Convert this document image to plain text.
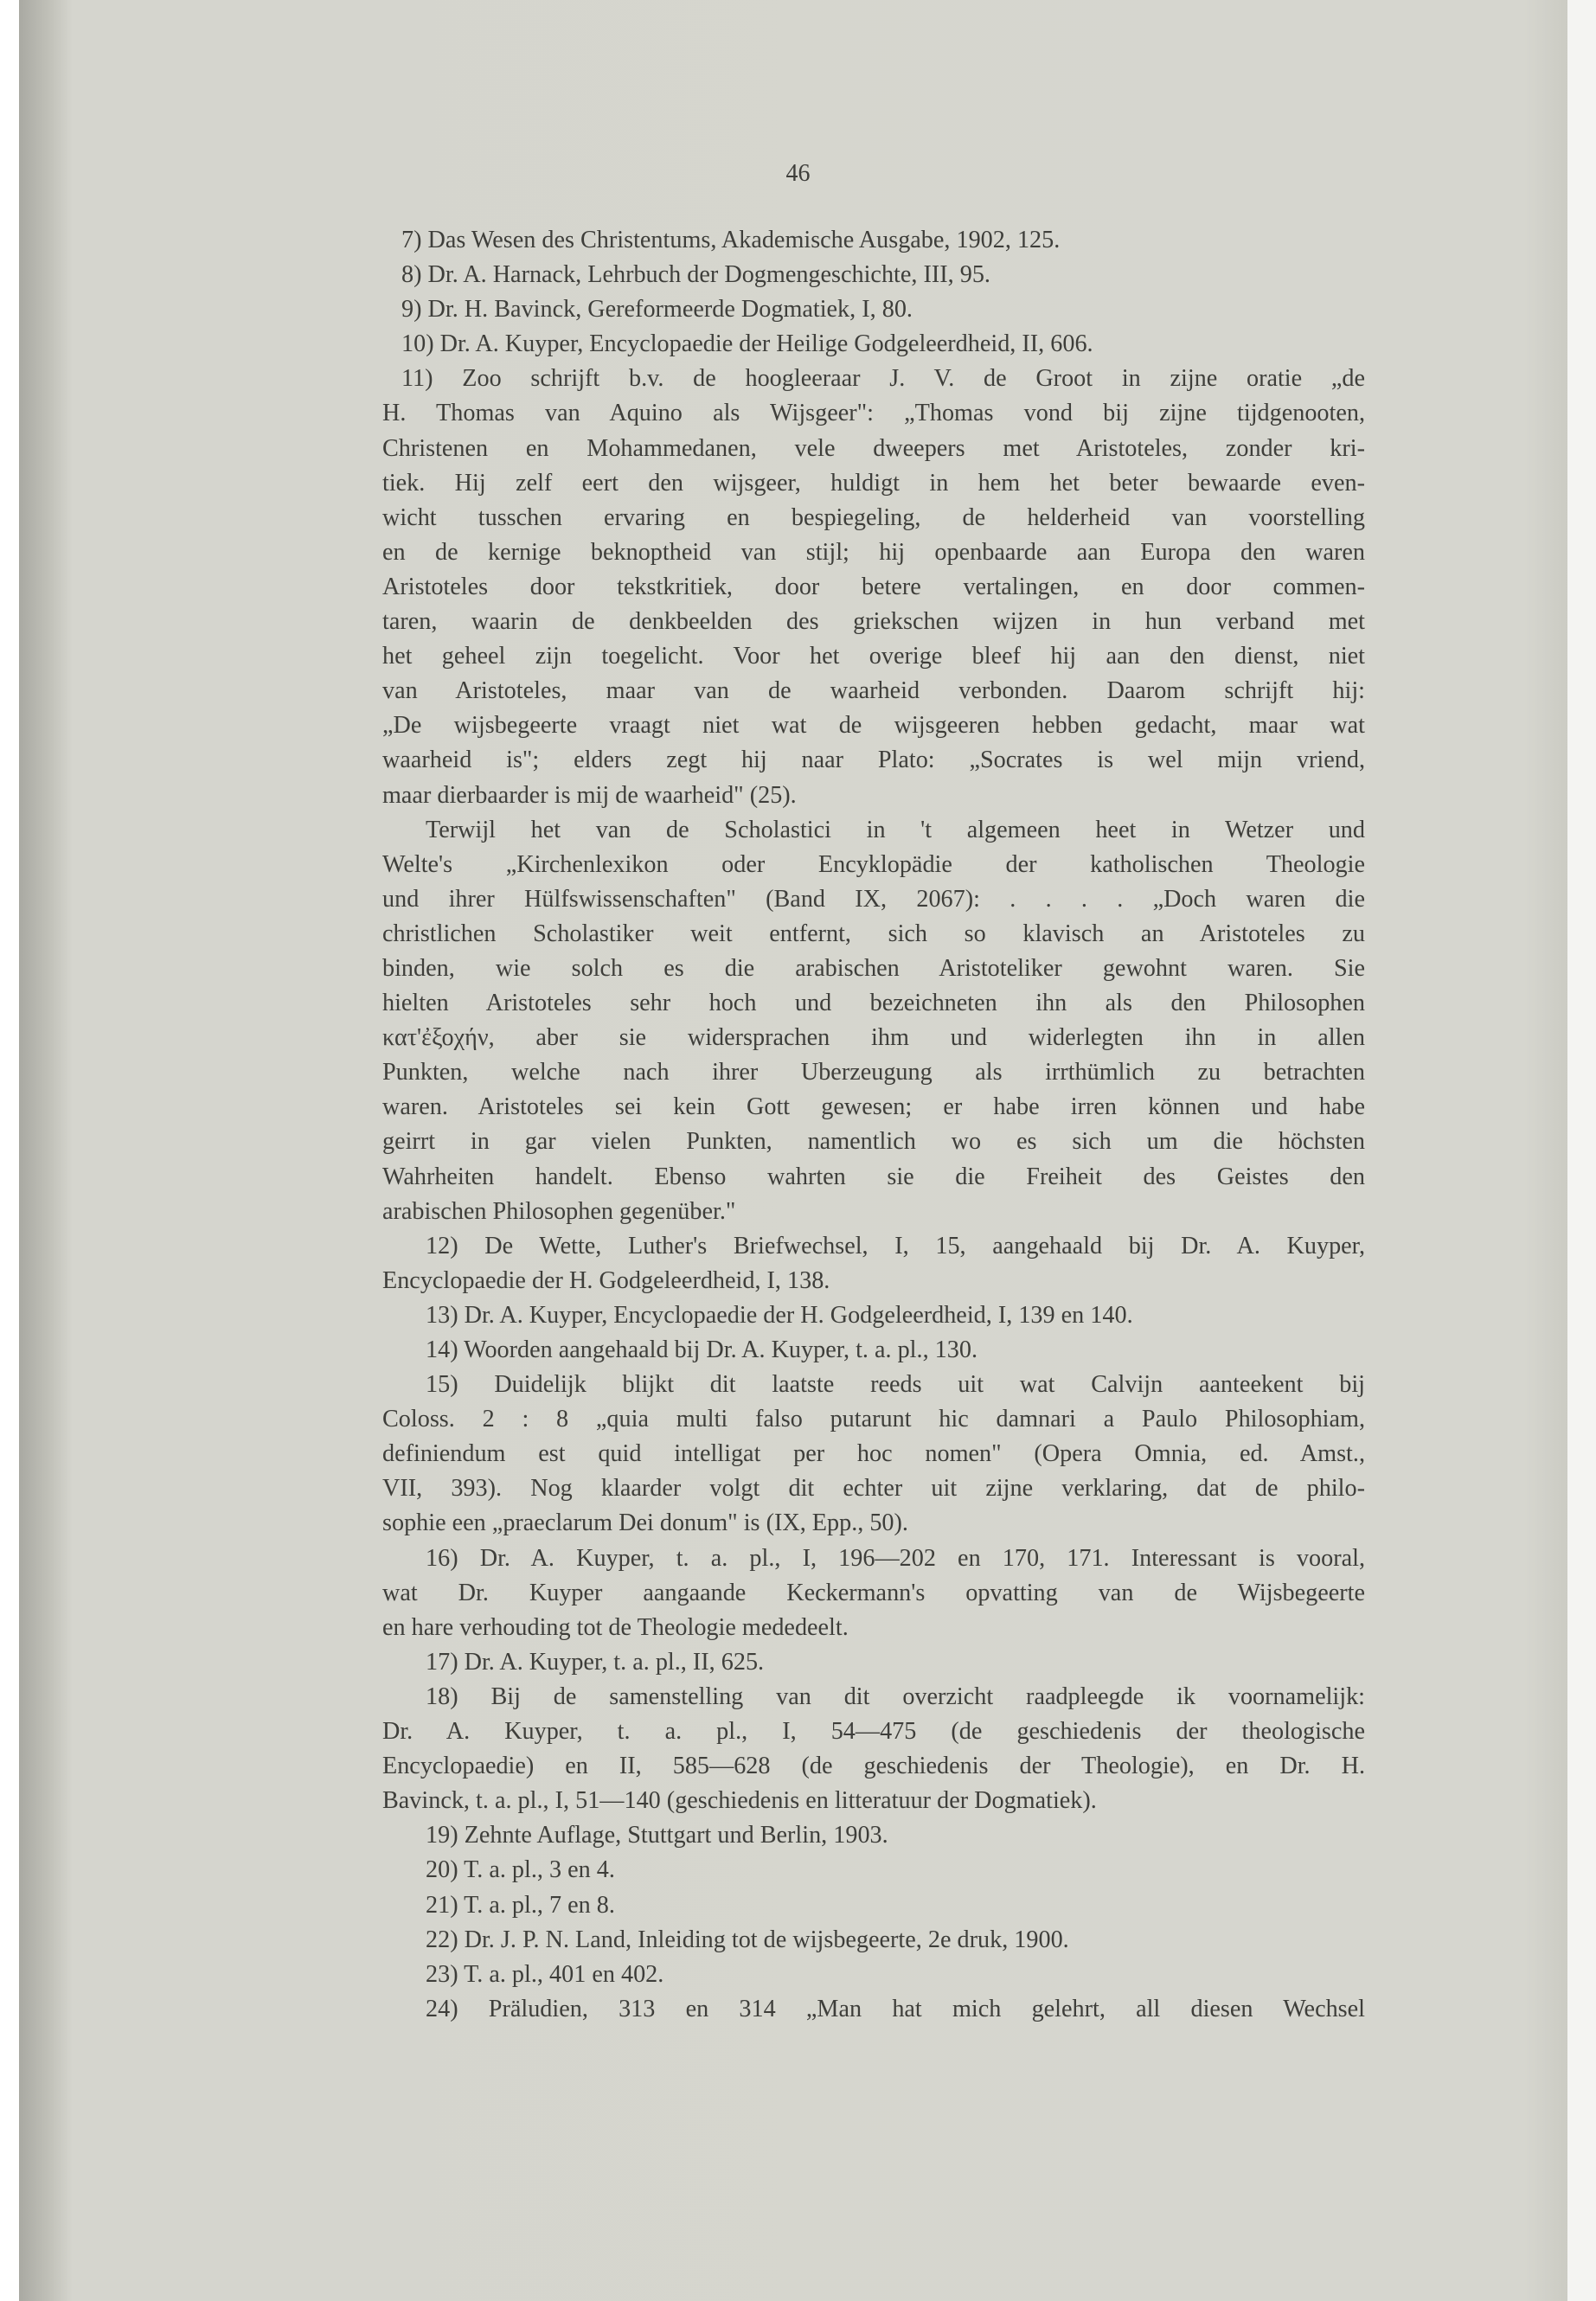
46
7) Das Wesen des Christentums, Akademische Ausgabe, 1902, 125.
8) Dr. A. Harnack, Lehrbuch der Dogmengeschichte, III, 95.
9) Dr. H. Bavinck, Gereformeerde Dogmatiek, I, 80.
10) Dr. A. Kuyper, Encyclopaedie der Heilige Godgeleerdheid, II, 606.
11) Zoo schrijft b.v. de hoogleeraar J. V. de Groot in zijne oratie „de
H. Thomas van Aquino als Wijsgeer": „Thomas vond bij zijne tijdgenooten,
Christenen en Mohammedanen, vele dweepers met Aristoteles, zonder kri-
tiek. Hij zelf eert den wijsgeer, huldigt in hem het beter bewaarde even-
wicht tusschen ervaring en bespiegeling, de helderheid van voorstelling
en de kernige beknoptheid van stijl; hij openbaarde aan Europa den waren
Aristoteles door tekstkritiek, door betere vertalingen, en door commen-
taren, waarin de denkbeelden des griekschen wijzen in hun verband met
het geheel zijn toegelicht. Voor het overige bleef hij aan den dienst, niet
van Aristoteles, maar van de waarheid verbonden. Daarom schrijft hij:
„De wijsbegeerte vraagt niet wat de wijsgeeren hebben gedacht, maar wat
waarheid is"; elders zegt hij naar Plato: „Socrates is wel mijn vriend,
maar dierbaarder is mij de waarheid" (25).
Terwijl het van de Scholastici in 't algemeen heet in Wetzer und
Welte's „Kirchenlexikon oder Encyklopädie der katholischen Theologie
und ihrer Hülfswissenschaften" (Band IX, 2067): . . . . „Doch waren die
christlichen Scholastiker weit entfernt, sich so klavisch an Aristoteles zu
binden, wie solch es die arabischen Aristoteliker gewohnt waren. Sie
hielten Aristoteles sehr hoch und bezeichneten ihn als den Philosophen
κατ'ἐξοχήν, aber sie widersprachen ihm und widerlegten ihn in allen
Punkten, welche nach ihrer Uberzeugung als irrthümlich zu betrachten
waren. Aristoteles sei kein Gott gewesen; er habe irren können und habe
geirrt in gar vielen Punkten, namentlich wo es sich um die höchsten
Wahrheiten handelt. Ebenso wahrten sie die Freiheit des Geistes den
arabischen Philosophen gegenüber."
12) De Wette, Luther's Briefwechsel, I, 15, aangehaald bij Dr. A. Kuyper,
Encyclopaedie der H. Godgeleerdheid, I, 138.
13) Dr. A. Kuyper, Encyclopaedie der H. Godgeleerdheid, I, 139 en 140.
14) Woorden aangehaald bij Dr. A. Kuyper, t. a. pl., 130.
15) Duidelijk blijkt dit laatste reeds uit wat Calvijn aanteekent bij
Coloss. 2 : 8 „quia multi falso putarunt hic damnari a Paulo Philosophiam,
definiendum est quid intelligat per hoc nomen" (Opera Omnia, ed. Amst.,
VII, 393). Nog klaarder volgt dit echter uit zijne verklaring, dat de philo-
sophie een „praeclarum Dei donum" is (IX, Epp., 50).
16) Dr. A. Kuyper, t. a. pl., I, 196—202 en 170, 171. Interessant is vooral,
wat Dr. Kuyper aangaande Keckermann's opvatting van de Wijsbegeerte
en hare verhouding tot de Theologie mededeelt.
17) Dr. A. Kuyper, t. a. pl., II, 625.
18) Bij de samenstelling van dit overzicht raadpleegde ik voornamelijk:
Dr. A. Kuyper, t. a. pl., I, 54—475 (de geschiedenis der theologische
Encyclopaedie) en II, 585—628 (de geschiedenis der Theologie), en Dr. H.
Bavinck, t. a. pl., I, 51—140 (geschiedenis en litteratuur der Dogmatiek).
19) Zehnte Auflage, Stuttgart und Berlin, 1903.
20) T. a. pl., 3 en 4.
21) T. a. pl., 7 en 8.
22) Dr. J. P. N. Land, Inleiding tot de wijsbegeerte, 2e druk, 1900.
23) T. a. pl., 401 en 402.
24) Präludien, 313 en 314 „Man hat mich gelehrt, all diesen Wechsel
